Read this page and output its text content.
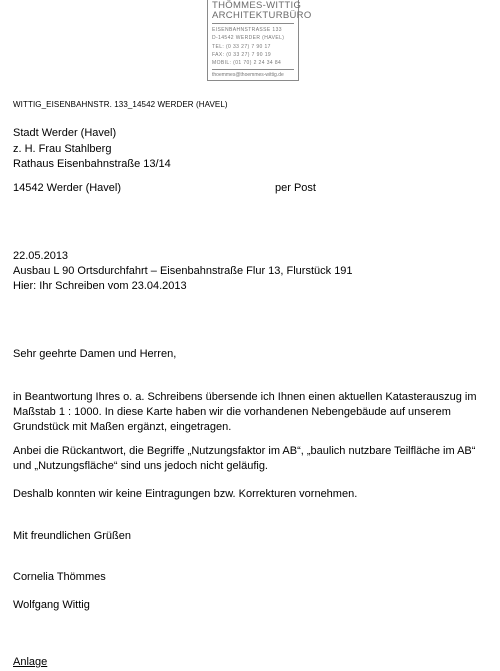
THÖMMES-WITTIG
ARCHITEKTURBÜRO
EISENBAHNSTRASSE 133
D-14542 WERDER (HAVEL)
TEL: (0 33 27) 7 90 17
FAX: (0 33 27) 7 90 19
MOBIL: (01 70) 2 24 34 84
thoemmes@thoemmes-wittig.de
WITTIG_EISENBAHNSTR. 133_14542 WERDER (HAVEL)
Stadt Werder (Havel)
z. H. Frau Stahlberg
Rathaus Eisenbahnstraße 13/14
14542 Werder (Havel)	per Post
22.05.2013
Ausbau L 90 Ortsdurchfahrt – Eisenbahnstraße Flur 13, Flurstück 191
Hier: Ihr Schreiben vom 23.04.2013
Sehr geehrte Damen und Herren,
in Beantwortung Ihres o. a. Schreibens übersende ich Ihnen einen aktuellen Katasterauszug im Maßstab 1 : 1000. In diese Karte haben wir die vorhandenen Nebengebäude auf unserem Grundstück mit Maßen ergänzt, eingetragen.
Anbei die Rückantwort, die Begriffe „Nutzungsfaktor im AB“, „baulich nutzbare Teilfläche im AB“ und „Nutzungsfläche“ sind uns jedoch nicht geläufig.
Deshalb konnten wir keine Eintragungen bzw. Korrekturen vornehmen.
Mit freundlichen Grüßen
Cornelia Thömmes
Wolfgang Wittig
Anlage
